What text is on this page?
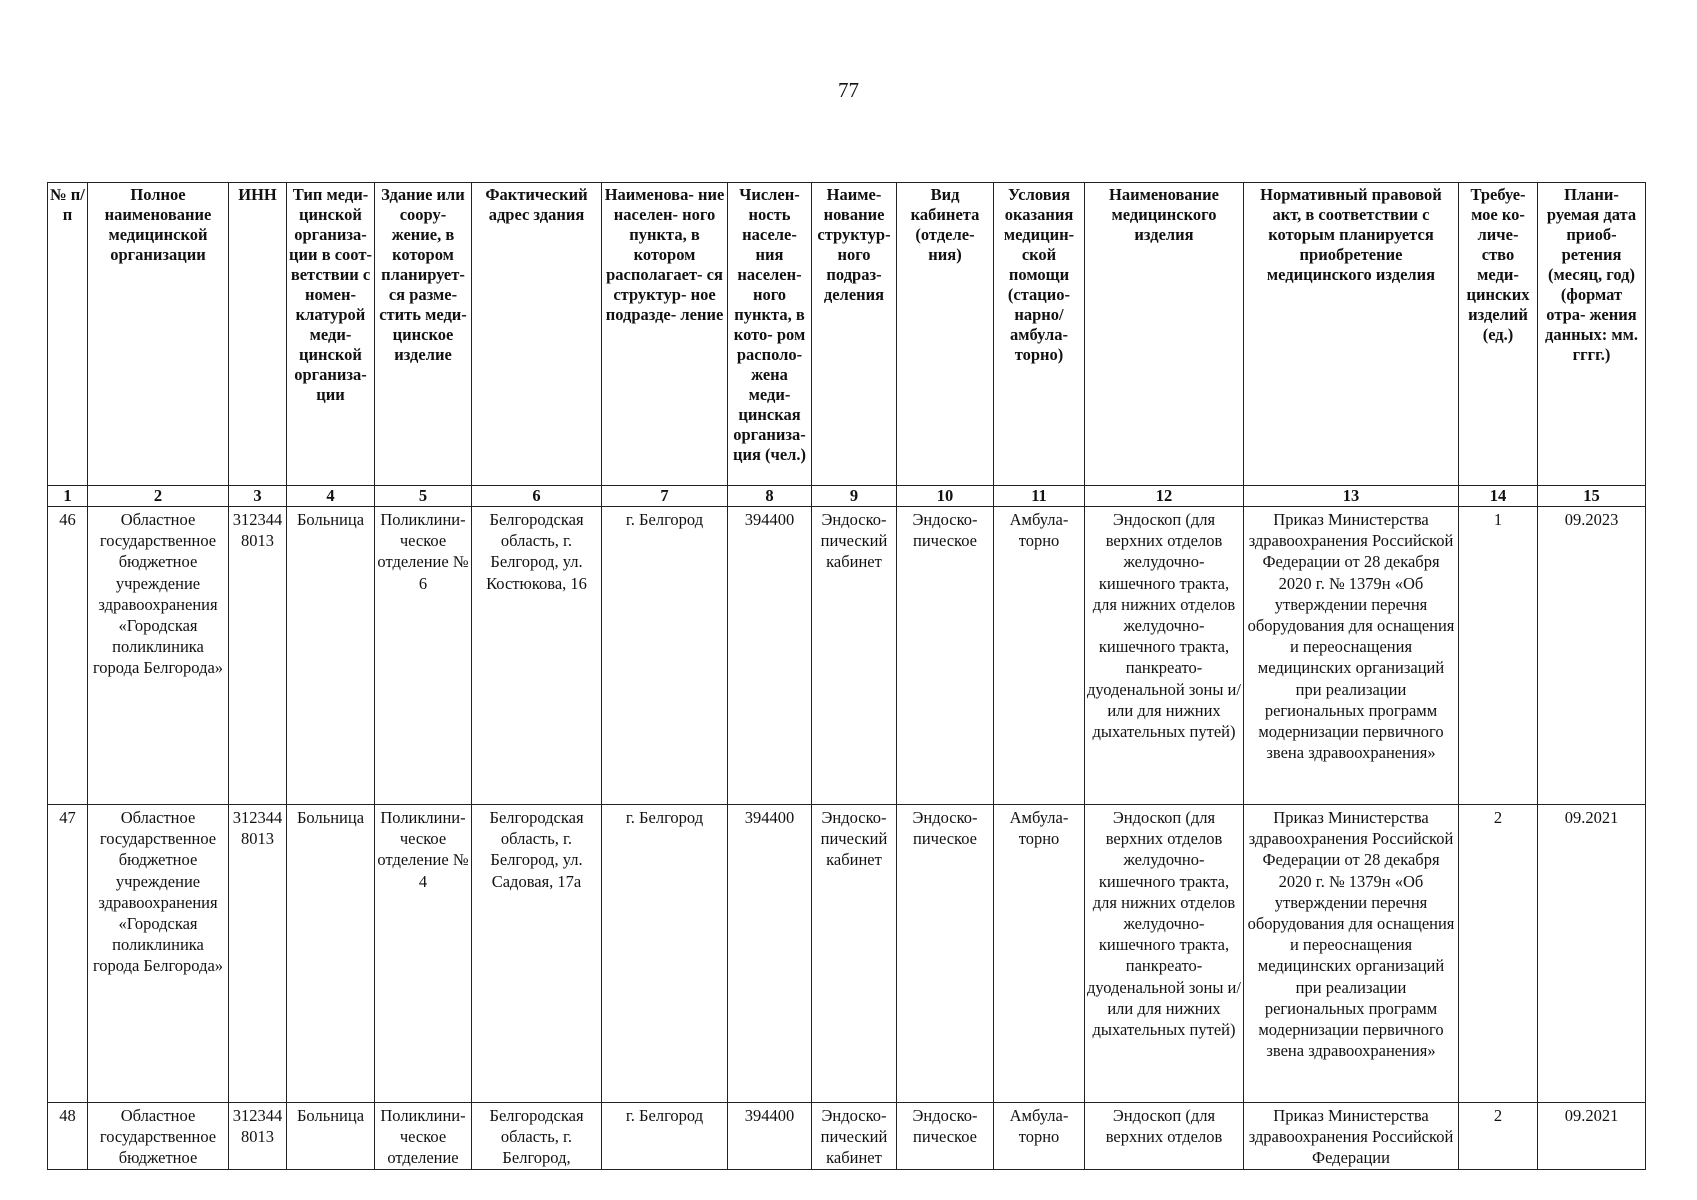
77
№ п/п	Полное наименование медицинской организации	ИНН	Тип меди- цинской организа- ции в соот- ветствии с номен- клатурой меди- цинской организа- ции	Здание или соору- жение, в котором планирует- ся разме- стить меди- цинское изделие	Фактический адрес здания	Наименова- ние населен- ного пункта, в котором располагает- ся структур- ное подразде- ление	Числен- ность населе- ния населен- ного пункта, в кото- ром располо- жена меди- цинская организа- ция (чел.)	Наиме- нование структур- ного подраз- деления	Вид кабинета (отделе- ния)	Условия оказания медицин- ской помощи (стацио- нарно/ амбула- торно)	Наименование медицинского изделия	Нормативный правовой акт, в соответствии с которым планируется приобретение медицинского изделия	Требуе- мое ко- личе- ство меди- цинских изделий (ед.)	Плани- руемая дата приоб- ретения (месяц, год) (формат отра- жения данных: мм. гггг.)
1	2	3	4	5	6	7	8	9	10	11	12	13	14	15
46	Областное государственное бюджетное учреждение здравоохранения «Городская поликлиника города Белгорода»	3123448013	Больница	Поликлини- ческое отделение № 6	Белгородская область, г. Белгород, ул. Костюкова, 16	г. Белгород	394400	Эндоско- пический кабинет	Эндоско- пическое	Амбула- торно	Эндоскоп (для верхних отделов желудочно- кишечного тракта, для нижних отделов желудочно- кишечного тракта, панкреато- дуоденальной зоны и/или для нижних дыхательных путей)	Приказ Министерства здравоохранения Российской Федерации от 28 декабря 2020 г. № 1379н «Об утверждении перечня оборудования для оснащения и переоснащения медицинских организаций при реализации региональных программ модернизации первичного звена здравоохранения»	1	09.2023
47	Областное государственное бюджетное учреждение здравоохранения «Городская поликлиника города Белгорода»	3123448013	Больница	Поликлини- ческое отделение № 4	Белгородская область, г. Белгород, ул. Садовая, 17а	г. Белгород	394400	Эндоско- пический кабинет	Эндоско- пическое	Амбула- торно	Эндоскоп (для верхних отделов желудочно- кишечного тракта, для нижних отделов желудочно- кишечного тракта, панкреато- дуоденальной зоны и/или для нижних дыхательных путей)	Приказ Министерства здравоохранения Российской Федерации от 28 декабря 2020 г. № 1379н «Об утверждении перечня оборудования для оснащения и переоснащения медицинских организаций при реализации региональных программ модернизации первичного звена здравоохранения»	2	09.2021
48	Областное государственное бюджетное	3123448013	Больница	Поликлини- ческое отделение	Белгородская область, г. Белгород,	г. Белгород	394400	Эндоско- пический кабинет	Эндоско- пическое	Амбула- торно	Эндоскоп (для верхних отделов	Приказ Министерства здравоохранения Российской Федерации	2	09.2021
